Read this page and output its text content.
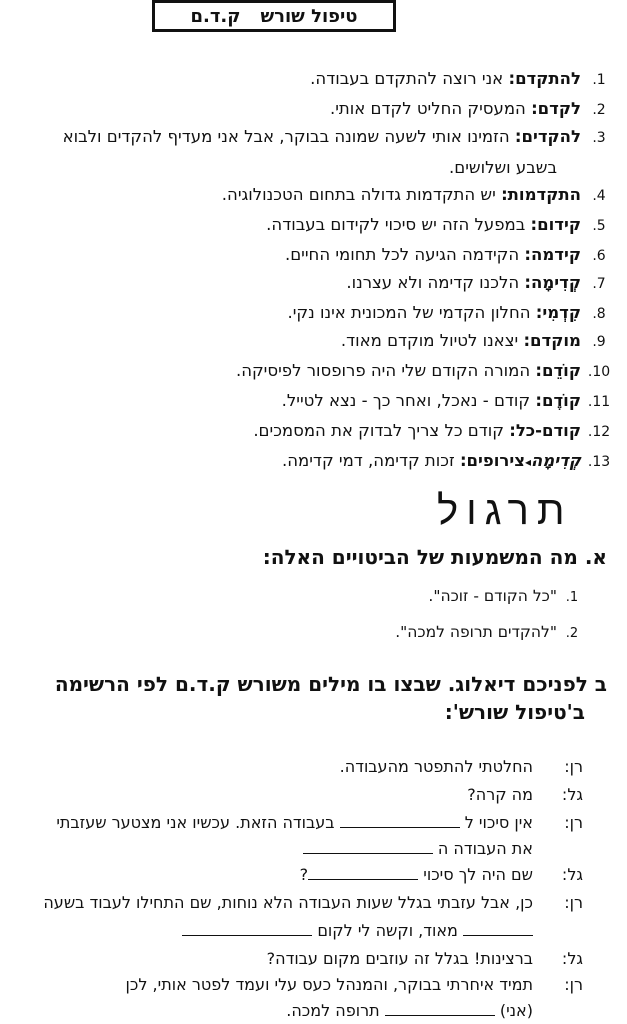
טיפול שורש
ק.ד.ם
1.להתקדם: אני רוצה להתקדם בעבודה.
2.לקדם: המעסיק החליט לקדם אותי.
3.להקדים: הזמינו אותי לשעה שמונה בבוקר, אבל אני מעדיף להקדים ולבוא
בשבע ושלושים.
4.התקדמות: יש התקדמות גדולה בתחום הטכנולוגיה.
5.קידום: במפעל הזה יש סיכוי לקידום בעבודה.
6.קידמה: הקידמה הגיעה לכל תחומי החיים.
7.קְדִימָה: הלכנו קדימה ולא עצרנו.
8.קִדְמִי: החלון הקדמי של המכונית אינו נקי.
9.מוקדם: יצאנו לטיול מוקדם מאוד.
10.קוֹדֵם: המורה הקודם שלי היה פרופסור לפיסיקה.
11.קוֹדֶם: קודם - נאכל, ואחר כך - נצא לטייל.
12.קודם-כל: קודם כל צריך לבדוק את המסמכים.
13.קְדִימָה◂צירופים: זכות קדימה, דמי קדימה.
תרגול
א. מה המשמעות של הביטויים האלה:
1."כל הקודם - זוכה".
2."להקדים תרופה למכה".
ב לפניכם דיאלוג. שבצו בו מילים משורש ק.ד.ם לפי הרשימה
ב'טיפול שורש':
רן:
החלטתי להתפטר מהעבודה.
גל:
מה קרה?
רן:
אין סיכוי ל  בעבודה הזאת. עכשיו אני מצטער שעזבתי
את העבודה ה
גל:
שם היה לך סיכוי ?
רן:
כן, אבל עזבתי בגלל שעות העבודה הלא נוחות, שם התחילו לעבוד בשעה
מאוד, וקשה לי לקום
גל:
ברצינות! בגלל זה עוזבים מקום עבודה?
רן:
תמיד איחרתי בבוקר, והמנהל כעס עלי ועמד לפטר אותי, לכן
(אני)  תרופה למכה.
